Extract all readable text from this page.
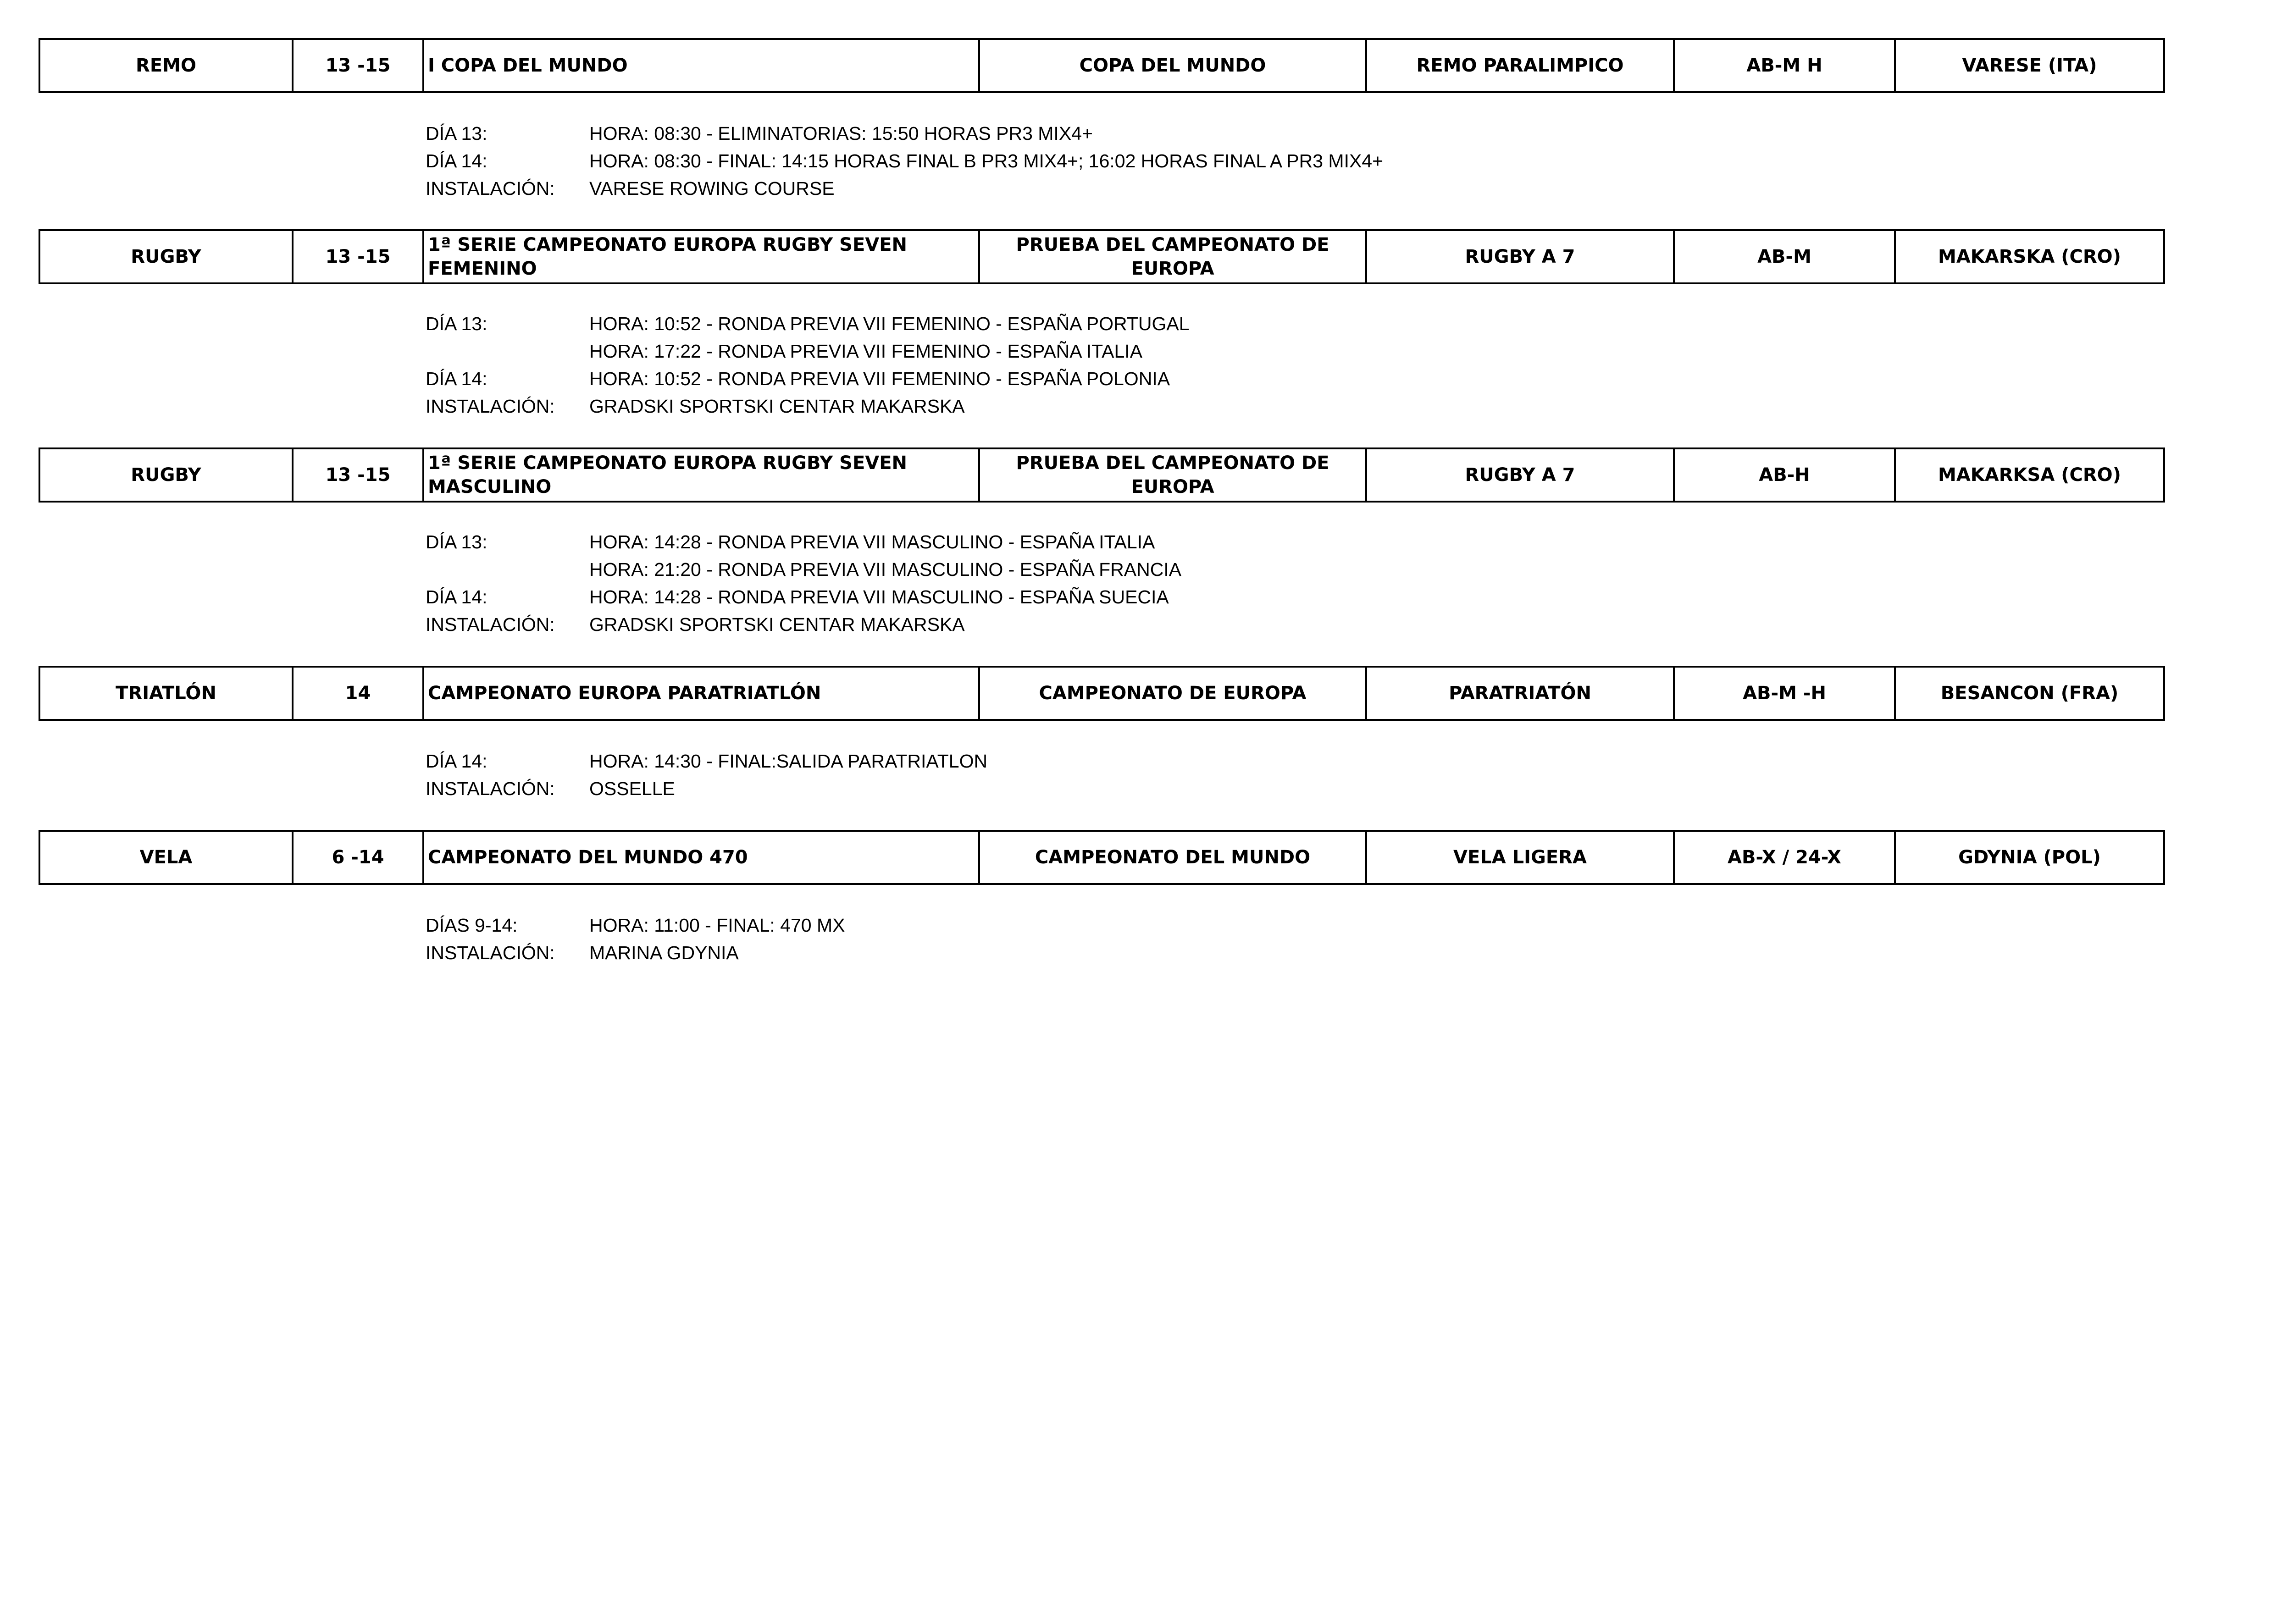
REMO	13 -15	I COPA DEL MUNDO	COPA DEL MUNDO	REMO PARALIMPICO	AB-M H	VARESE (ITA)
DÍA 13:	HORA: 08:30 - ELIMINATORIAS: 15:50 HORAS PR3 MIX4+
DÍA 14:	HORA: 08:30 - FINAL: 14:15 HORAS FINAL B PR3 MIX4+; 16:02 HORAS FINAL A PR3 MIX4+
INSTALACIÓN:	VARESE ROWING COURSE
RUGBY	13 -15	1ª SERIE CAMPEONATO EUROPA RUGBY SEVEN FEMENINO	PRUEBA DEL CAMPEONATO DE EUROPA	RUGBY A 7	AB-M	MAKARSKA (CRO)
DÍA 13:	HORA: 10:52 - RONDA PREVIA VII FEMENINO - ESPAÑA PORTUGAL
HORA: 17:22 - RONDA PREVIA VII FEMENINO - ESPAÑA ITALIA
DÍA 14:	HORA: 10:52 - RONDA PREVIA VII FEMENINO - ESPAÑA POLONIA
INSTALACIÓN:	GRADSKI SPORTSKI CENTAR MAKARSKA
RUGBY	13 -15	1ª SERIE CAMPEONATO EUROPA RUGBY SEVEN MASCULINO	PRUEBA DEL CAMPEONATO DE EUROPA	RUGBY A 7	AB-H	MAKARKSA (CRO)
DÍA 13:	HORA: 14:28 - RONDA PREVIA VII MASCULINO - ESPAÑA ITALIA
HORA: 21:20 - RONDA PREVIA VII MASCULINO - ESPAÑA FRANCIA
DÍA 14:	HORA: 14:28 - RONDA PREVIA VII MASCULINO - ESPAÑA SUECIA
INSTALACIÓN:	GRADSKI SPORTSKI CENTAR MAKARSKA
TRIATLÓN	14	CAMPEONATO EUROPA PARATRIATLÓN	CAMPEONATO DE EUROPA	PARATRIATÓN	AB-M -H	BESANCON (FRA)
DÍA 14:	HORA: 14:30 - FINAL:SALIDA PARATRIATLON
INSTALACIÓN:	OSSELLE
VELA	6 -14	CAMPEONATO DEL MUNDO 470	CAMPEONATO DEL MUNDO	VELA LIGERA	AB-X / 24-X	GDYNIA (POL)
DÍAS 9-14:	HORA: 11:00 - FINAL: 470 MX
INSTALACIÓN:	MARINA GDYNIA
